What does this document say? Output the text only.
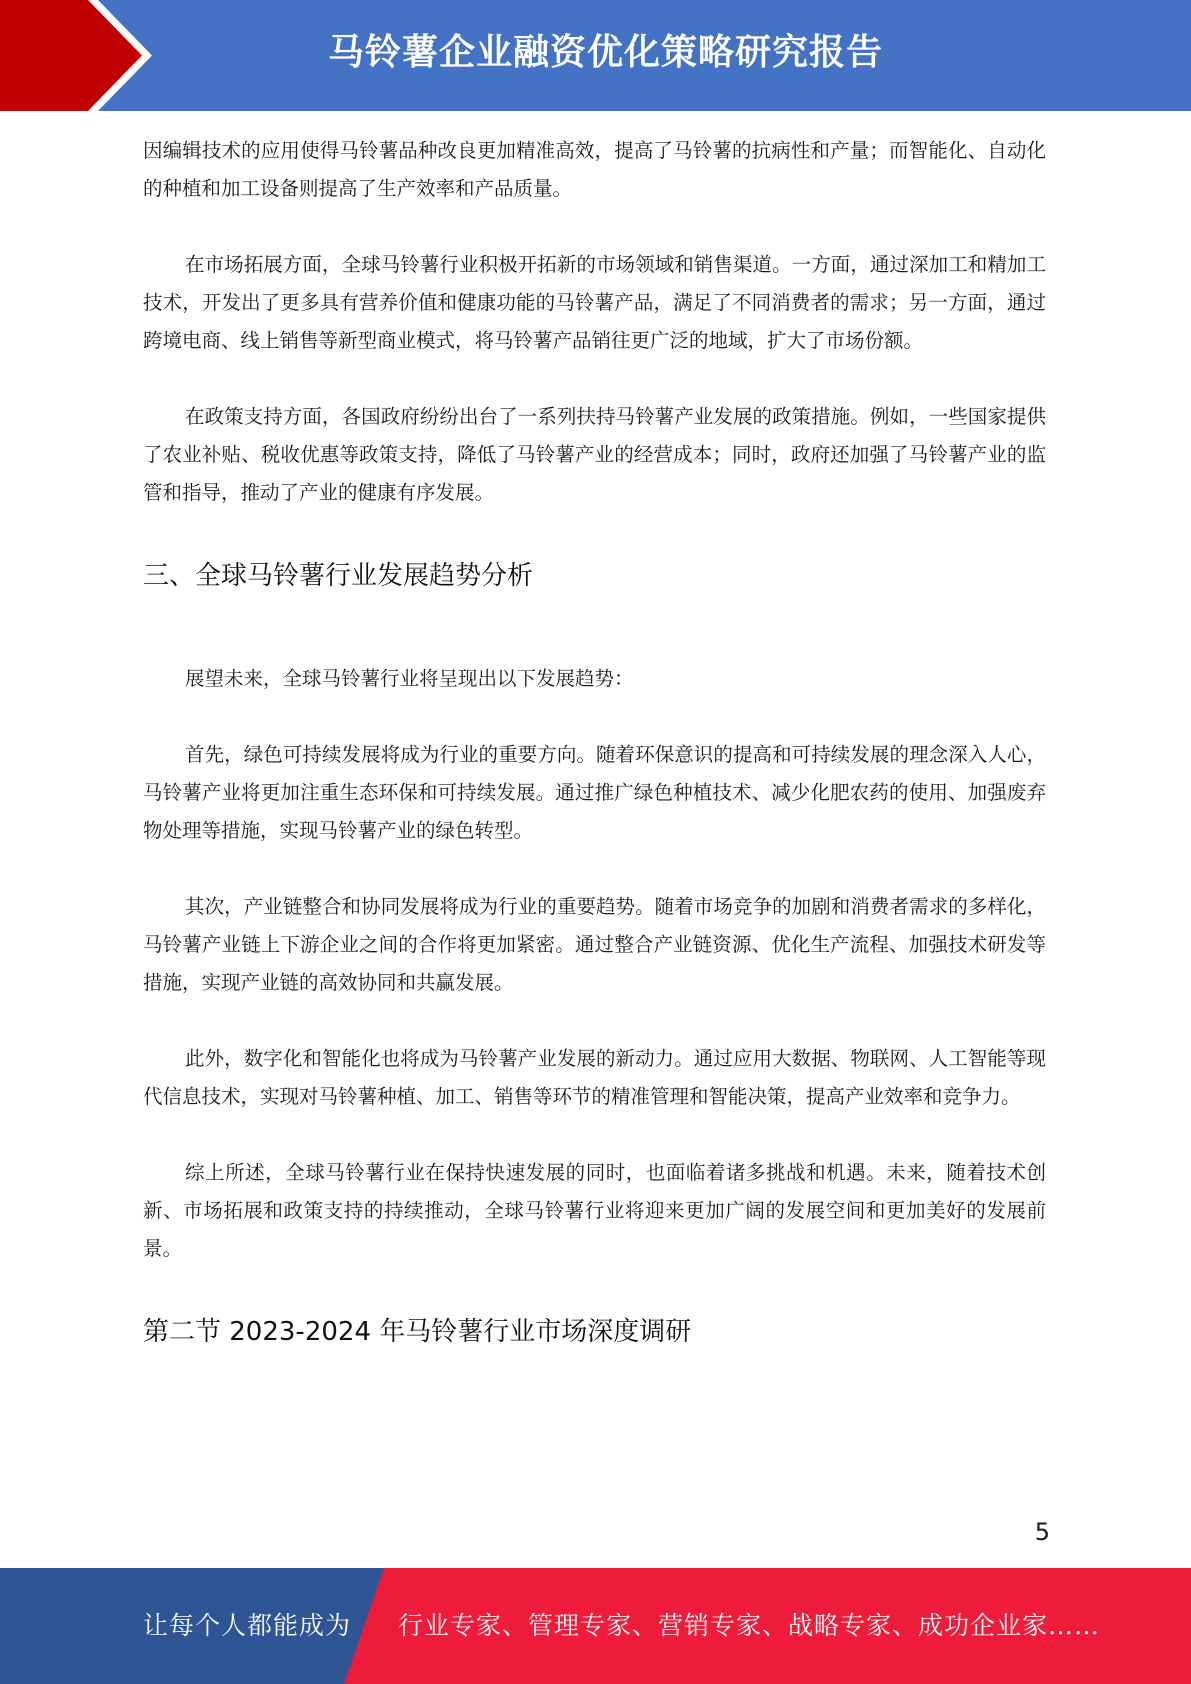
马铃薯企业融资优化策略研究报告

因编辑技术的应用使得马铃薯品种改良更加精准高效，提高了马铃薯的抗病性和产量；而智能化、自动化的种植和加工设备则提高了生产效率和产品质量。

在市场拓展方面，全球马铃薯行业积极开拓新的市场领域和销售渠道。一方面，通过深加工和精加工技术，开发出了更多具有营养价值和健康功能的马铃薯产品，满足了不同消费者的需求；另一方面，通过跨境电商、线上销售等新型商业模式，将马铃薯产品销往更广泛的地域，扩大了市场份额。

在政策支持方面，各国政府纷纷出台了一系列扶持马铃薯产业发展的政策措施。例如，一些国家提供了农业补贴、税收优惠等政策支持，降低了马铃薯产业的经营成本；同时，政府还加强了马铃薯产业的监管和指导，推动了产业的健康有序发展。

三、全球马铃薯行业发展趋势分析

展望未来，全球马铃薯行业将呈现出以下发展趋势：

首先，绿色可持续发展将成为行业的重要方向。随着环保意识的提高和可持续发展的理念深入人心，马铃薯产业将更加注重生态环保和可持续发展。通过推广绿色种植技术、减少化肥农药的使用、加强废弃物处理等措施，实现马铃薯产业的绿色转型。

其次，产业链整合和协同发展将成为行业的重要趋势。随着市场竞争的加剧和消费者需求的多样化，马铃薯产业链上下游企业之间的合作将更加紧密。通过整合产业链资源、优化生产流程、加强技术研发等措施，实现产业链的高效协同和共赢发展。

此外，数字化和智能化也将成为马铃薯产业发展的新动力。通过应用大数据、物联网、人工智能等现代信息技术，实现对马铃薯种植、加工、销售等环节的精准管理和智能决策，提高产业效率和竞争力。

综上所述，全球马铃薯行业在保持快速发展的同时，也面临着诸多挑战和机遇。未来，随着技术创新、市场拓展和政策支持的持续推动，全球马铃薯行业将迎来更加广阔的发展空间和更加美好的发展前景。

第二节 2023-2024 年马铃薯行业市场深度调研
5
让每个人都能成为 行业专家、管理专家、营销专家、战略专家、成功企业家……
